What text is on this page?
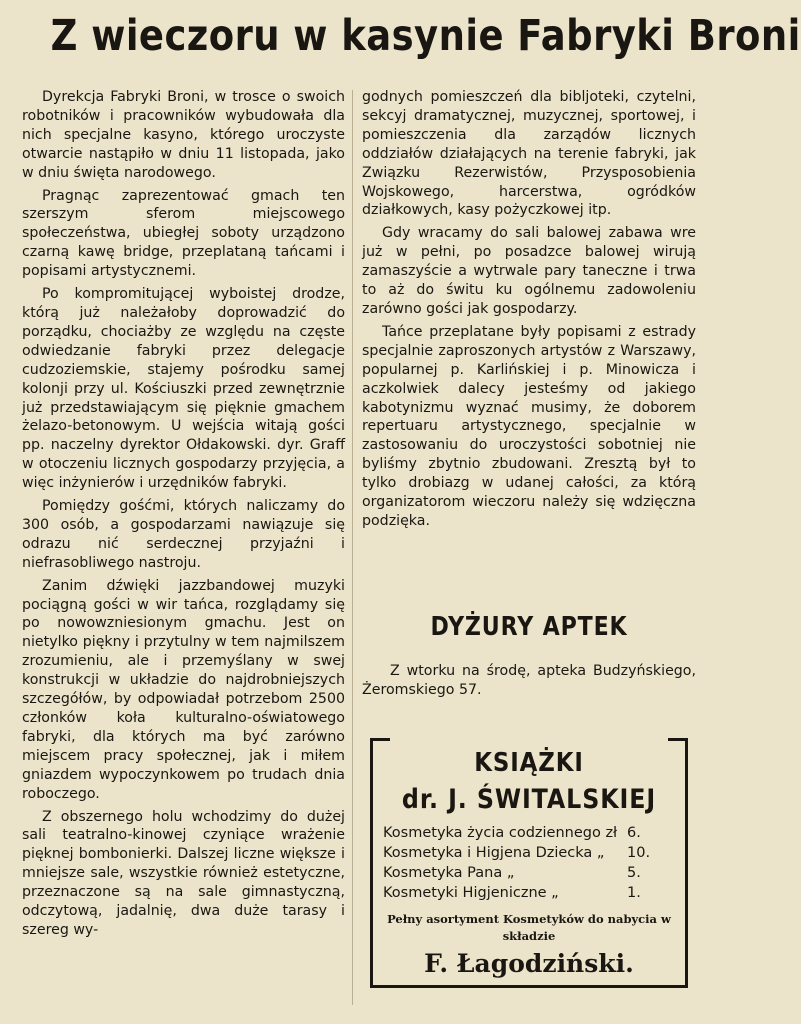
Z wieczoru w kasynie Fabryki Broni

Dyrekcja Fabryki Broni, w trosce o swoich robotników i pracowników wybudowała dla nich specjalne kasyno, którego uroczyste otwarcie nastąpiło w dniu 11 listopada, jako w dniu święta narodowego.

Pragnąc zaprezentować gmach ten szerszym sferom miejscowego społeczeństwa, ubiegłej soboty urządzono czarną kawę bridge, przeplataną tańcami i popisami artystycznemi.

Po kompromitującej wyboistej drodze, którą już należałoby doprowadzić do porządku, chociażby ze względu na częste odwiedzanie fabryki przez delegacje cudzoziemskie, stajemy pośrodku samej kolonji przy ul. Kościuszki przed zewnętrznie już przedstawiającym się pięknie gmachem żelazo-betonowym. U wejścia witają gości pp. naczelny dyrektor Ołdakowski. dyr. Graff w otoczeniu licznych gospodarzy przyjęcia, a więc inżynierów i urzędników fabryki.

Pomiędzy gośćmi, których naliczamy do 300 osób, a gospodarzami nawiązuje się odrazu nić serdecznej przyjaźni i niefrasobliwego nastroju.

Zanim dźwięki jazzbandowej muzyki pociągną gości w wir tańca, rozglądamy się po nowowzniesionym gmachu. Jest on nietylko piękny i przytulny w tem najmilszem zrozumieniu, ale i przemyślany w swej konstrukcji w układzie do najdrobniejszych szczegółów, by odpowiadał potrzebom 2500 członków koła kulturalno-oświatowego fabryki, dla których ma być zarówno miejscem pracy społecznej, jak i miłem gniazdem wypoczynkowem po trudach dnia roboczego.

Z obszernego holu wchodzimy do dużej sali teatralno-kinowej czyniące wrażenie pięknej bombonierki. Dalszej liczne większe i mniejsze sale, wszystkie również estetyczne, przeznaczone są na sale gimnastyczną, odczytową, jadalnię, dwa duże tarasy i szereg wy-

godnych pomieszczeń dla bibljoteki, czytelni, sekcyj dramatycznej, muzycznej, sportowej, i pomieszczenia dla zarządów licznych oddziałów działających na terenie fabryki, jak Związku Rezerwistów, Przysposobienia Wojskowego, harcerstwa, ogródków działkowych, kasy pożyczkowej itp.

Gdy wracamy do sali balowej zabawa wre już w pełni, po posadzce balowej wirują zamaszyście a wytrwale pary taneczne i trwa to aż do świtu ku ogólnemu zadowoleniu zarówno gości jak gospodarzy.

Tańce przeplatane były popisami z estrady specjalnie zaproszonych artystów z Warszawy, popularnej p. Karlińskiej i p. Minowicza i aczkolwiek dalecy jesteśmy od jakiego kabotynizmu wyznać musimy, że doborem repertuaru artystycznego, specjalnie w zastosowaniu do uroczystości sobotniej nie byliśmy zbytnio zbudowani. Zresztą był to tylko drobiazg w udanej całości, za którą organizatorom wieczoru należy się wdzięczna podzięka.

DYŻURY APTEK

Z wtorku na środę, apteka Budzyńskiego, Żeromskiego 57.

KSIĄŻKI
dr. J. ŚWITALSKIEJ
Kosmetyka życia codziennego zł 6.
Kosmetyka i Higjena Dziecka „ 10.
Kosmetyka Pana „	5.
Kosmetyki Higjeniczne „	1.
Pełny asortyment Kosmetyków do nabycia w składzie
F. Łagodziński.
